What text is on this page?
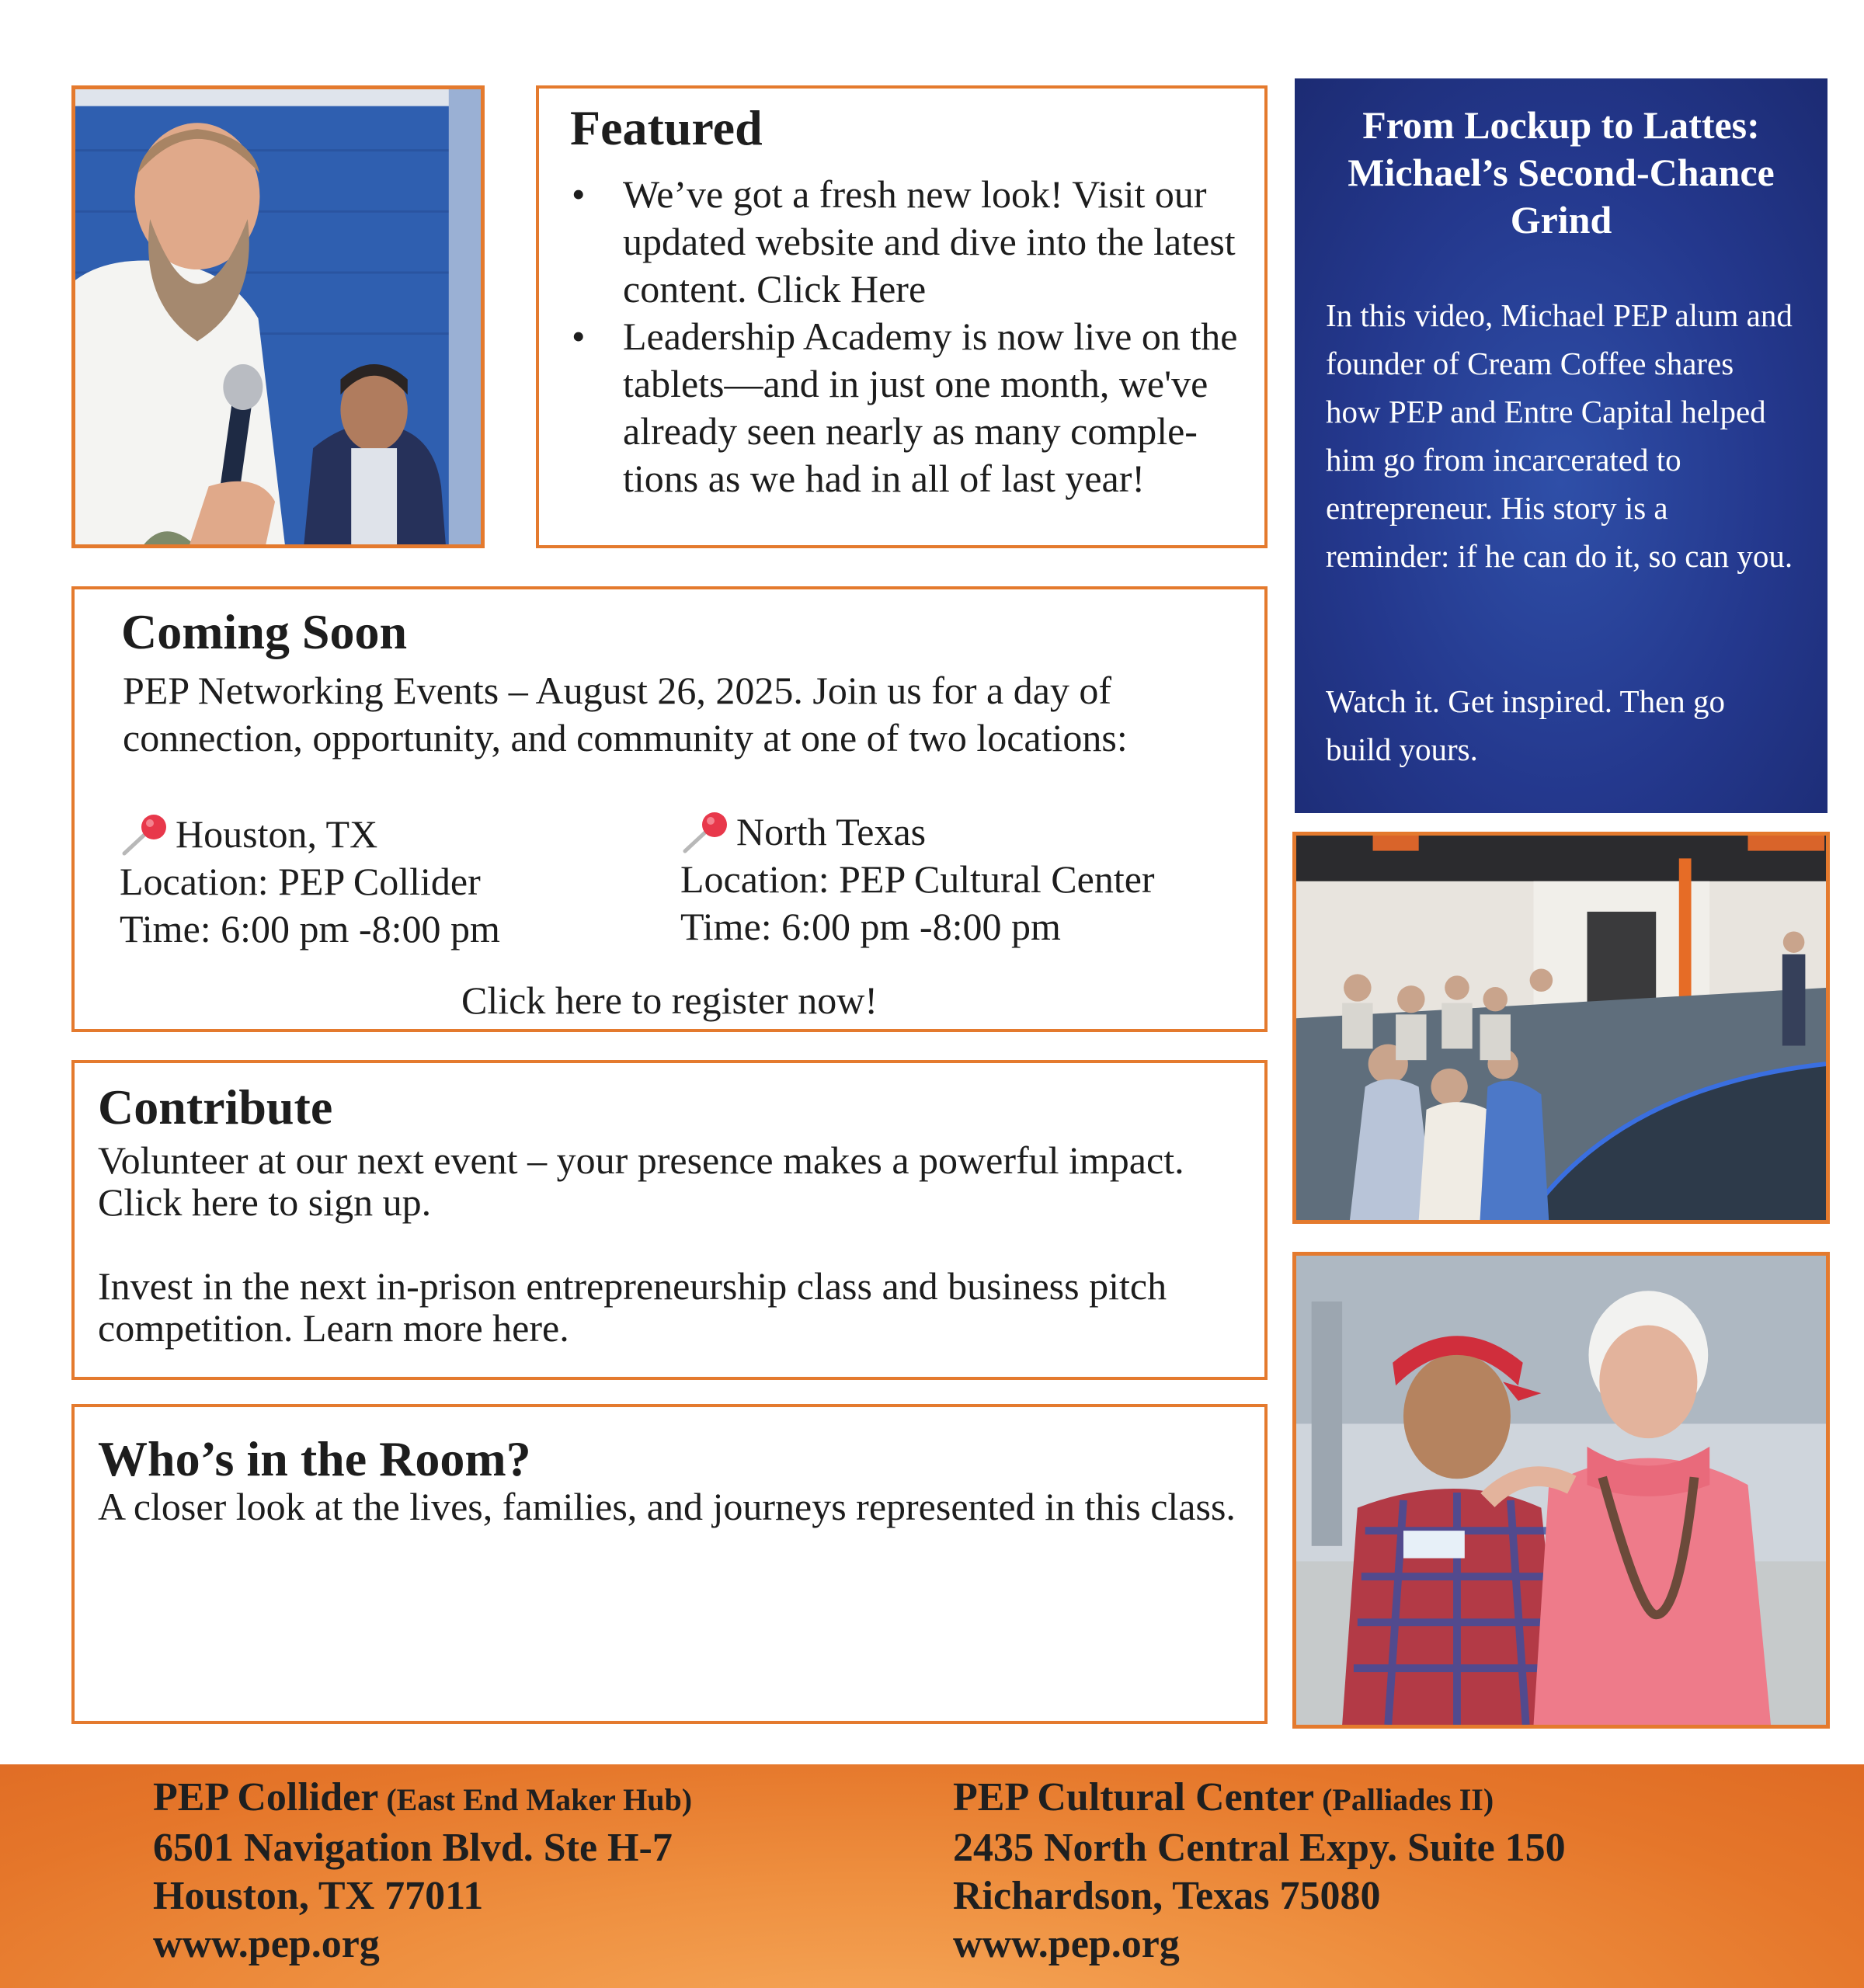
Featured
• We’ve got a fresh new look! Visit our updated website and dive into the latest content. Click Here
• Leadership Academy is now live on the tablets—and in just one month, we've already seen nearly as many comple- tions as we had in all of last year!
From Lockup to Lattes: Michael’s Second-Chance Grind

In this video, Michael PEP alum and founder of Cream Coffee shares how PEP and Entre Capital helped him go from incarcerated to entrepreneur. His story is a reminder: if he can do it, so can you.

Watch it. Get inspired. Then go build yours.

Coming Soon
PEP Networking Events – August 26, 2025. Join us for a day of connection, opportunity, and community at one of two locations:
Houston, TX
Location: PEP Collider
Time: 6:00 pm -8:00 pm
North Texas
Location: PEP Cultural Center
Time: 6:00 pm -8:00 pm
Click here to register now!
Contribute
Volunteer at our next event – your presence makes a powerful impact. Click here to sign up.
Invest in the next in-prison entrepreneurship class and business pitch competition. Learn more here.
Who’s in the Room?

A closer look at the lives, families, and journeys represented in this class.

PEP Collider (East End Maker Hub)
6501 Navigation Blvd. Ste H-7
Houston, TX 77011
www.pep.org
PEP Cultural Center (Palliades II)
2435 North Central Expy. Suite 150
Richardson, Texas 75080
www.pep.org
